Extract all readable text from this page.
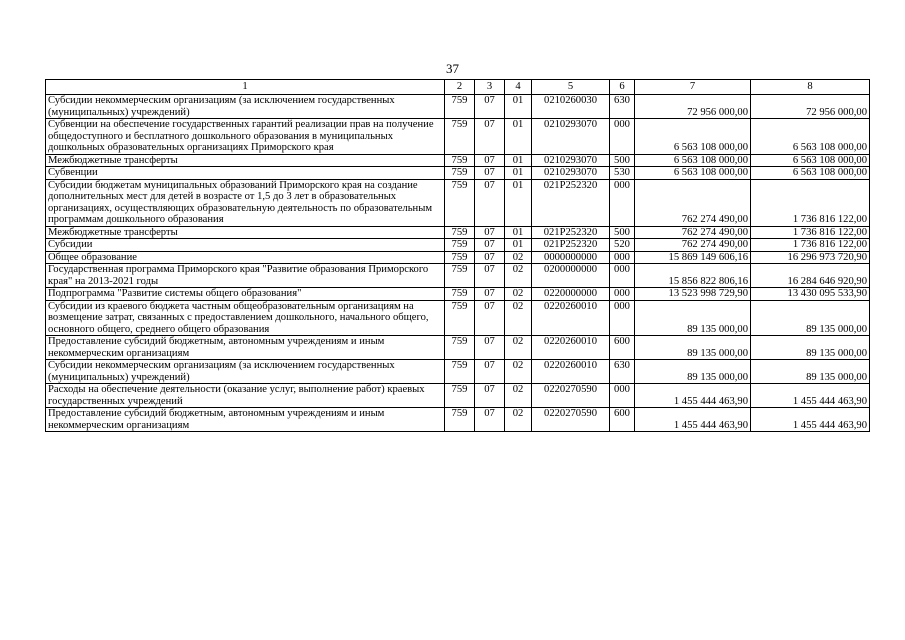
37
1	2	3	4	5	6	7	8
Субсидии некоммерческим организациям (за исключением государственных (муниципальных) учреждений)	759	07	01	0210260030	630	72 956 000,00	72 956 000,00
Субвенции на обеспечение государственных гарантий реализации прав на получение общедоступного и бесплатного дошкольного образования в муниципальных дошкольных образовательных организациях Приморского края	759	07	01	0210293070	000	6 563 108 000,00	6 563 108 000,00
Межбюджетные трансферты	759	07	01	0210293070	500	6 563 108 000,00	6 563 108 000,00
Субвенции	759	07	01	0210293070	530	6 563 108 000,00	6 563 108 000,00
Субсидии бюджетам муниципальных образований Приморского края на создание дополнительных мест для детей в возрасте от 1,5 до 3 лет в образовательных организациях, осуществляющих образовательную деятельность по образовательным программам дошкольного образования	759	07	01	021P252320	000	762 274 490,00	1 736 816 122,00
Межбюджетные трансферты	759	07	01	021P252320	500	762 274 490,00	1 736 816 122,00
Субсидии	759	07	01	021P252320	520	762 274 490,00	1 736 816 122,00
Общее образование	759	07	02	0000000000	000	15 869 149 606,16	16 296 973 720,90
Государственная программа Приморского края "Развитие образования Приморского края" на 2013-2021 годы	759	07	02	0200000000	000	15 856 822 806,16	16 284 646 920,90
Подпрограмма "Развитие системы общего образования"	759	07	02	0220000000	000	13 523 998 729,90	13 430 095 533,90
Субсидии из краевого бюджета частным общеобразовательным организациям на возмещение затрат, связанных с предоставлением дошкольного, начального общего, основного общего, среднего общего образования	759	07	02	0220260010	000	89 135 000,00	89 135 000,00
Предоставление субсидий бюджетным, автономным учреждениям и иным некоммерческим организациям	759	07	02	0220260010	600	89 135 000,00	89 135 000,00
Субсидии некоммерческим организациям (за исключением государственных (муниципальных) учреждений)	759	07	02	0220260010	630	89 135 000,00	89 135 000,00
Расходы на обеспечение деятельности (оказание услуг, выполнение работ) краевых государственных учреждений	759	07	02	0220270590	000	1 455 444 463,90	1 455 444 463,90
Предоставление субсидий бюджетным, автономным учреждениям и иным некоммерческим организациям	759	07	02	0220270590	600	1 455 444 463,90	1 455 444 463,90
